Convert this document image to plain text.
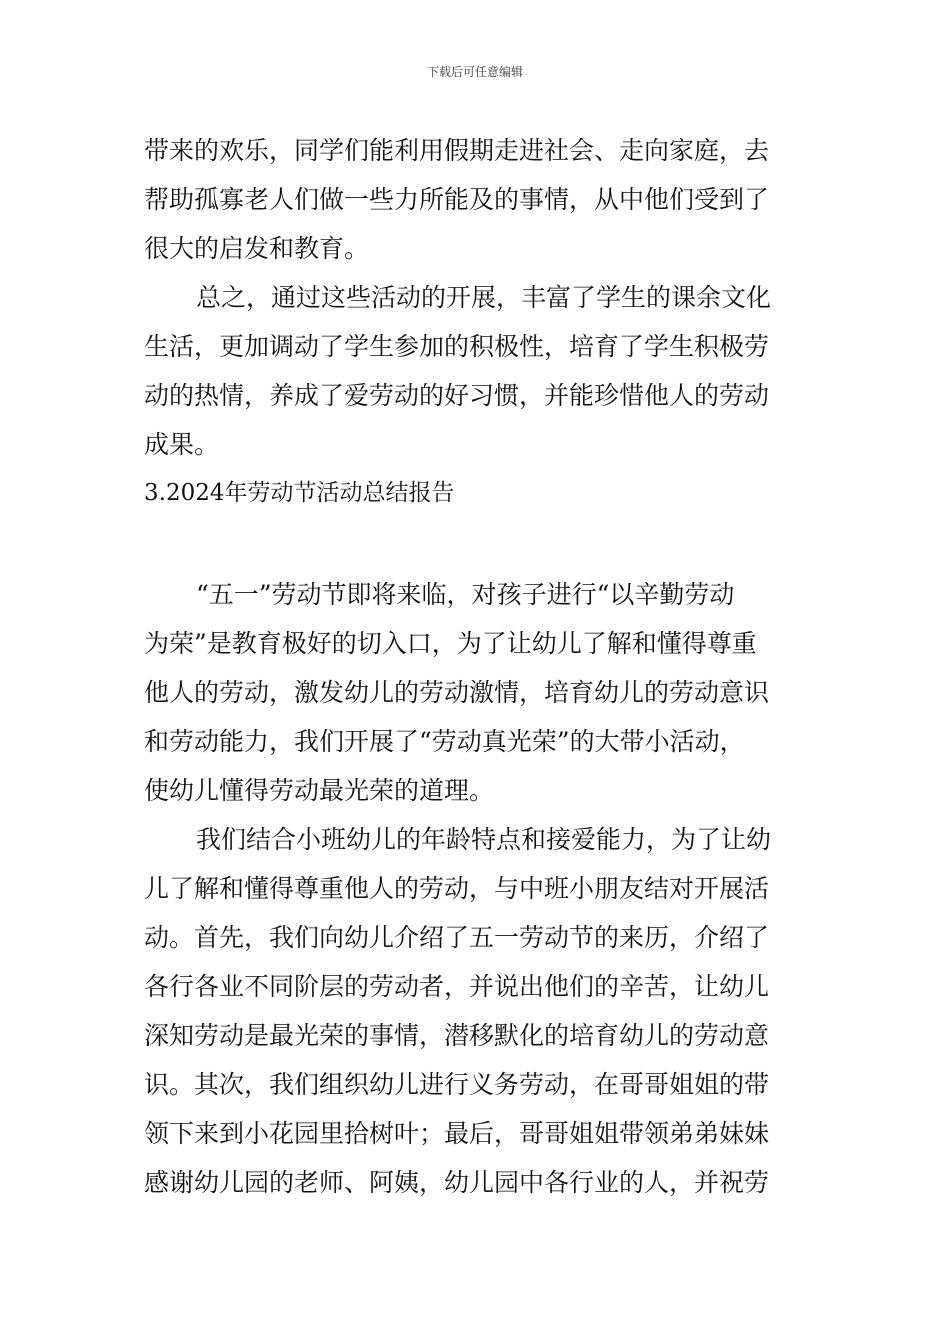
下载后可任意编辑
带来的欢乐，同学们能利用假期走进社会、走向家庭，去
帮助孤寡老人们做一些力所能及的事情，从中他们受到了
很大的启发和教育。
总之，通过这些活动的开展，丰富了学生的课余文化
生活，更加调动了学生参加的积极性，培育了学生积极劳
动的热情，养成了爱劳动的好习惯，并能珍惜他人的劳动
成果。
3.2024年劳动节活动总结报告
“五一”劳动节即将来临，对孩子进行“以辛勤劳动
为荣”是教育极好的切入口，为了让幼儿了解和懂得尊重
他人的劳动，激发幼儿的劳动激情，培育幼儿的劳动意识
和劳动能力，我们开展了“劳动真光荣”的大带小活动，
使幼儿懂得劳动最光荣的道理。
我们结合小班幼儿的年龄特点和接爱能力，为了让幼
儿了解和懂得尊重他人的劳动，与中班小朋友结对开展活
动。首先，我们向幼儿介绍了五一劳动节的来历，介绍了
各行各业不同阶层的劳动者，并说出他们的辛苦，让幼儿
深知劳动是最光荣的事情，潜移默化的培育幼儿的劳动意
识。其次，我们组织幼儿进行义务劳动，在哥哥姐姐的带
领下来到小花园里拾树叶；最后，哥哥姐姐带领弟弟妹妹
感谢幼儿园的老师、阿姨，幼儿园中各行业的人，并祝劳
